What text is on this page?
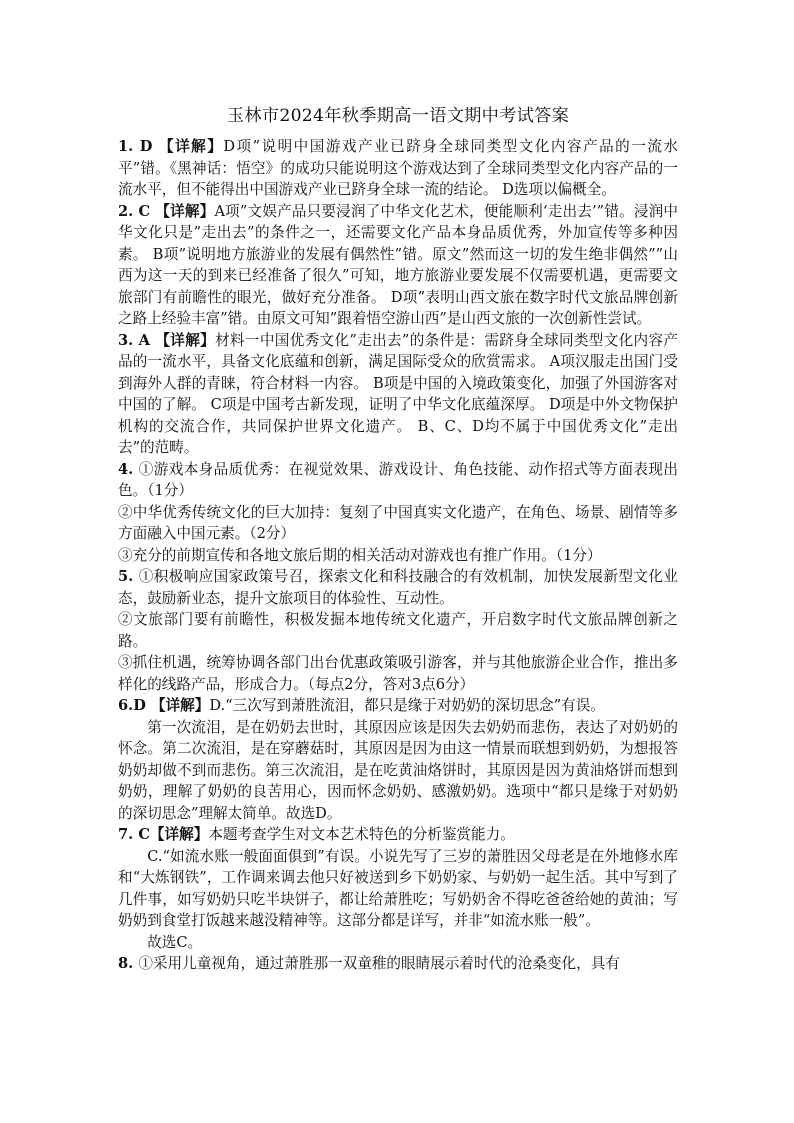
玉林市2024年秋季期高一语文期中考试答案

1. D 【详解】D项”说明中国游戏产业已跻身全球同类型文化内容产品的一流水平”错。《黑神话：悟空》的成功只能说明这个游戏达到了全球同类型文化内容产品的一流水平，但不能得出中国游戏产业已跻身全球一流的结论。 D选项以偏概全。

2. C 【详解】A项”文娱产品只要浸润了中华文化艺术，便能顺利‘走出去’”错。浸润中华文化只是”走出去”的条件之一，还需要文化产品本身品质优秀，外加宣传等多种因素。 B项”说明地方旅游业的发展有偶然性”错。原文”然而这一切的发生绝非偶然””山西为这一天的到来已经准备了很久”可知，地方旅游业要发展不仅需要机遇，更需要文旅部门有前瞻性的眼光，做好充分准备。 D项”表明山西文旅在数字时代文旅品牌创新之路上经验丰富”错。由原文可知”跟着悟空游山西”是山西文旅的一次创新性尝试。

3. A 【详解】材料一中国优秀文化”走出去”的条件是：需跻身全球同类型文化内容产品的一流水平，具备文化底蕴和创新，满足国际受众的欣赏需求。 A项汉服走出国门受到海外人群的青睐，符合材料一内容。 B项是中国的入境政策变化，加强了外国游客对中国的了解。 C项是中国考古新发现，证明了中华文化底蕴深厚。 D项是中外文物保护机构的交流合作，共同保护世界文化遗产。 B、C、D均不属于中国优秀文化”走出去”的范畴。

4. ①游戏本身品质优秀：在视觉效果、游戏设计、角色技能、动作招式等方面表现出色。（1分）

②中华优秀传统文化的巨大加持：复刻了中国真实文化遗产，在角色、场景、剧情等多方面融入中国元素。（2分）

③充分的前期宣传和各地文旅后期的相关活动对游戏也有推广作用。（1分）

5. ①积极响应国家政策号召，探索文化和科技融合的有效机制，加快发展新型文化业态，鼓励新业态，提升文旅项目的体验性、互动性。

②文旅部门要有前瞻性，积极发掘本地传统文化遗产，开启数字时代文旅品牌创新之路。

③抓住机遇，统筹协调各部门出台优惠政策吸引游客，并与其他旅游企业合作，推出多样化的线路产品，形成合力。（每点2分，答对3点6分）

6.D 【详解】D.“三次写到萧胜流泪，都只是缘于对奶奶的深切思念”有误。

第一次流泪，是在奶奶去世时，其原因应该是因失去奶奶而悲伤，表达了对奶奶的怀念。第二次流泪，是在穿蘑菇时，其原因是因为由这一情景而联想到奶奶，为想报答奶奶却做不到而悲伤。第三次流泪，是在吃黄油烙饼时，其原因是因为黄油烙饼而想到奶奶，理解了奶奶的良苦用心，因而怀念奶奶、感激奶奶。选项中“都只是缘于对奶奶的深切思念”理解太简单。故选D。

7. C【详解】本题考查学生对文本艺术特色的分析鉴赏能力。

C.“如流水账一般面面俱到”有误。小说先写了三岁的萧胜因父母老是在外地修水库和“大炼钢铁”，工作调来调去他只好被送到乡下奶奶家、与奶奶一起生活。其中写到了几件事，如写奶奶只吃半块饼子，都让给萧胜吃；写奶奶舍不得吃爸爸给她的黄油；写奶奶到食堂打饭越来越没精神等。这部分都是详写，并非“如流水账一般”。

故选C。

8. ①采用儿童视角，通过萧胜那一双童稚的眼睛展示着时代的沧桑变化，具有
